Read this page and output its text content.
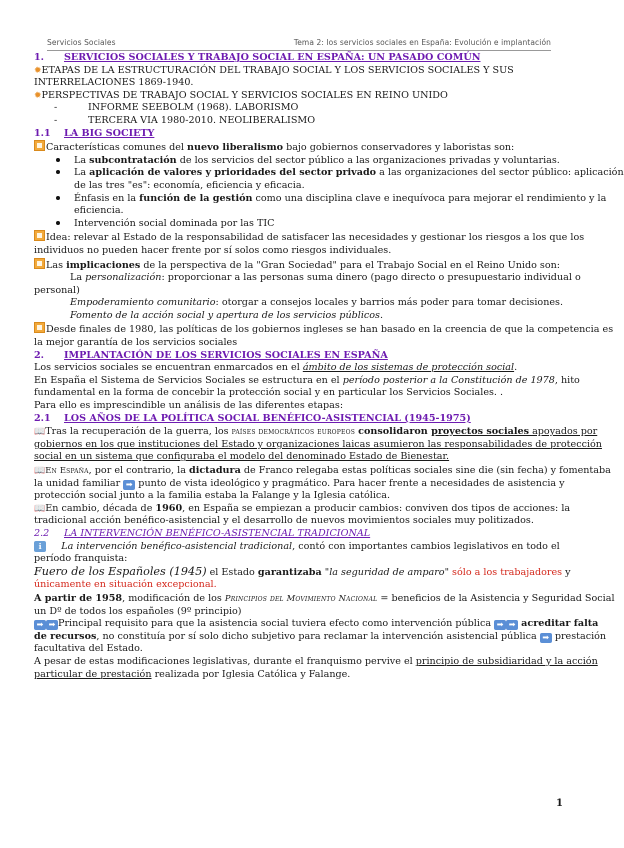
Servicios Sociales	Tema 2: los servicios sociales en España: Evolución e implantación
1. SERVICIOS SOCIALES Y TRABAJO SOCIAL EN ESPAÑA: UN PASADO COMÚN
✹ETAPAS DE LA ESTRUCTURACIÓN DEL TRABAJO SOCIAL Y LOS SERVICIOS SOCIALES Y SUS
INTERRELACIONES 1869-1940.
✹PERSPECTIVAS DE TRABAJO SOCIAL Y SERVICIOS SOCIALES EN REINO UNIDO
-	INFORME SEEBOLM (1968). LABORISMO
-	TERCERA VIA 1980-2010. NEOLIBERALISMO
1.1 LA BIG SOCIETY
Características comunes del nuevo liberalismo bajo gobiernos conservadores y laboristas son:
La subcontratación de los servicios del sector público a las organizaciones privadas y voluntarias.
La aplicación de valores y prioridades del sector privado a las organizaciones del sector público: aplicación
de las tres "es": economía, eficiencia y eficacia.
Énfasis en la función de la gestión como una disciplina clave e inequívoca para mejorar el rendimiento y la
eficiencia.
Intervención social dominada por las TIC
Idea: relevar al Estado de la responsabilidad de satisfacer las necesidades y gestionar los riesgos a los que los
individuos no pueden hacer frente por sí solos como riesgos individuales.
Las implicaciones de la perspectiva de la "Gran Sociedad" para el Trabajo Social en el Reino Unido son:
La personalización: proporcionar a las personas suma dinero (pago directo o presupuestario individual o
personal)
Empoderamiento comunitario: otorgar a consejos locales y barrios más poder para tomar decisiones.
Fomento de la acción social y apertura de los servicios públicos.
Desde finales de 1980, las políticas de los gobiernos ingleses se han basado en la creencia de que la competencia es
la mejor garantía de los servicios sociales
2. IMPLANTACIÓN DE LOS SERVICIOS SOCIALES EN ESPAÑA
Los servicios sociales se encuentran enmarcados en el ámbito de los sistemas de protección social.
En España el Sistema de Servicios Sociales se estructura en el período posterior a la Constitución de 1978, hito
fundamental en la forma de concebir la protección social y en particular los Servicios Sociales. .
Para ello es imprescindible un análisis de las diferentes etapas:
2.1 LOS AÑOS DE LA POLÍTICA SOCIAL BENÉFICO-ASISTENCIAL (1945-1975)
📖Tras la recuperación de la guerra, los países democráticos europeos consolidaron proyectos sociales apoyados por
gobiernos en los que instituciones del Estado y organizaciones laicas asumieron las responsabilidades de protección
social en un sistema que configuraba el modelo del denominado Estado de Bienestar.
📖En España, por el contrario, la dictadura de Franco relegaba estas políticas sociales sine die (sin fecha) y fomentaba
la unidad familiar ➡ punto de vista ideológico y pragmático. Para hacer frente a necesidades de asistencia y
protección social junto a la familia estaba la Falange y la Iglesia católica.
📖En cambio, década de 1960, en España se empiezan a producir cambios: conviven dos tipos de acciones: la
tradicional acción benéfico-asistencial y el desarrollo de nuevos movimientos sociales muy politizados.
2.2 LA INTERVENCIÓN BENÉFICO-ASISTENCIAL TRADICIONAL
ℹ La intervención benéfico-asistencial tradicional, contó con importantes cambios legislativos en todo el
período franquista:
Fuero de los Españoles (1945) el Estado garantizaba "la seguridad de amparo" sólo a los trabajadores y
únicamente en situación excepcional.
A partir de 1958, modificación de los Principios del Movimiento Nacional = beneficios de la Asistencia y Seguridad Social
un Dº de todos los españoles (9º principio)
➡ ➡ Principal requisito para que la asistencia social tuviera efecto como intervención pública ➡ ➡ acreditar falta
de recursos, no constituía por sí solo dicho subjetivo para reclamar la intervención asistencial pública ➡ prestación
facultativa del Estado.
A pesar de estas modificaciones legislativas, durante el franquismo pervive el principio de subsidiaridad y la acción
particular de prestación realizada por Iglesia Católica y Falange.
1
